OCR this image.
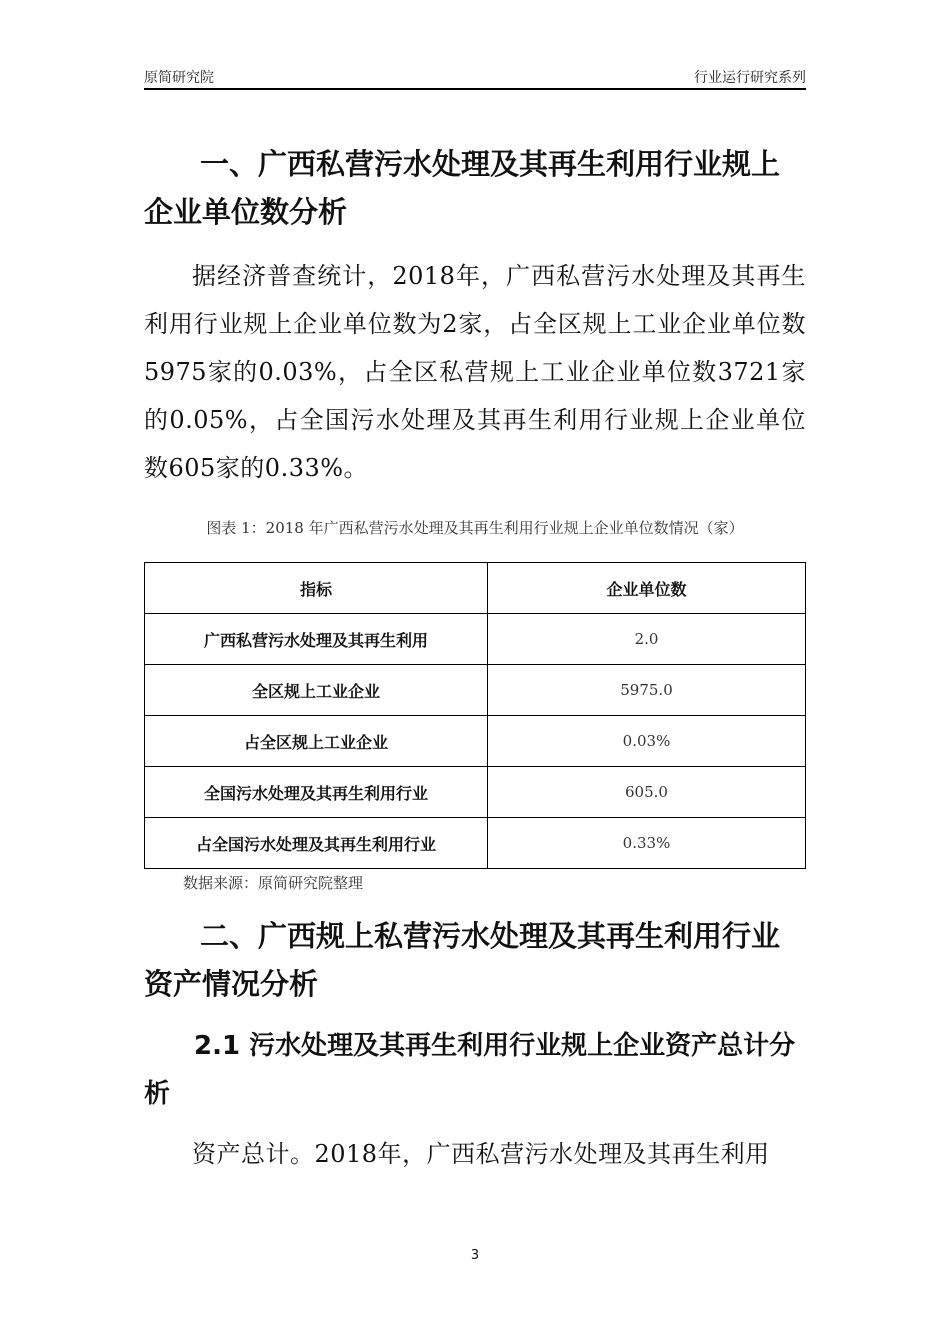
原简研究院	行业运行研究系列
一、广西私营污水处理及其再生利用行业规上企业单位数分析

据经济普查统计，2018年，广西私营污水处理及其再生利用行业规上企业单位数为2家，占全区规上工业企业单位数5975家的0.03%，占全区私营规上工业企业单位数3721家的0.05%，占全国污水处理及其再生利用行业规上企业单位数605家的0.33%。

图表 1：2018 年广西私营污水处理及其再生利用行业规上企业单位数情况（家）
指标	企业单位数
广西私营污水处理及其再生利用	2.0
全区规上工业企业	5975.0
占全区规上工业企业	0.03%
全国污水处理及其再生利用行业	605.0
占全国污水处理及其再生利用行业	0.33%
数据来源：原简研究院整理
二、广西规上私营污水处理及其再生利用行业资产情况分析
2.1 污水处理及其再生利用行业规上企业资产总计分析

资产总计。2018年，广西私营污水处理及其再生利用

3
